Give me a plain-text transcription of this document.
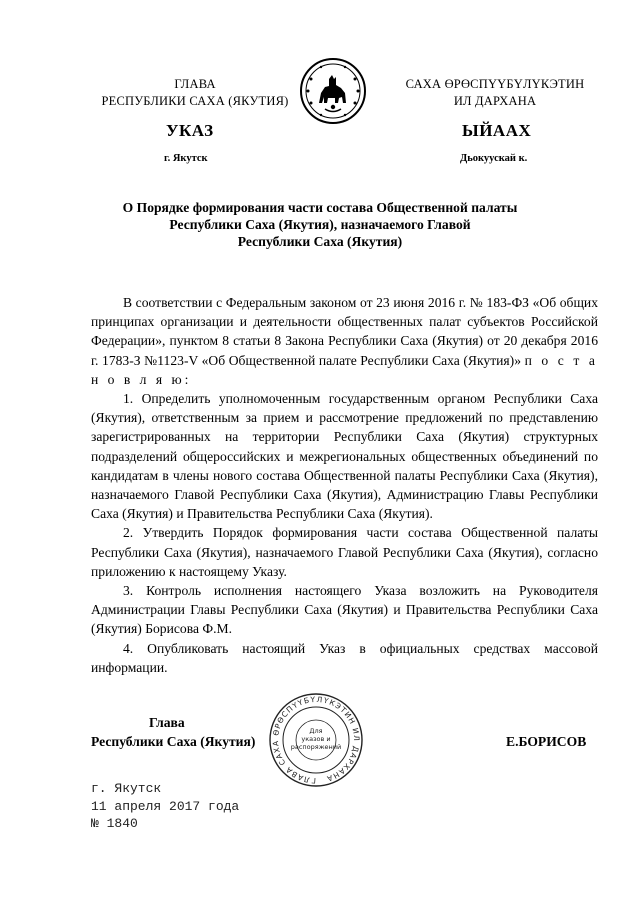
ГЛАВА
РЕСПУБЛИКИ САХА (ЯКУТИЯ)
САХА ӨРӨСПҮҮБҮЛҮКЭТИН
ИЛ ДАРХАНА
УКАЗ	ЫЙААХ
г. Якутск	Дьокуускай к.
О Порядке формирования части состава Общественной палаты
Республики Саха (Якутия), назначаемого Главой
Республики Саха (Якутия)

В соответствии с Федеральным законом от 23 июня 2016 г. № 183-ФЗ «Об общих принципах организации и деятельности общественных палат субъектов Российской Федерации», пунктом 8 статьи 8 Закона Республики Саха (Якутия) от 20 декабря 2016 г. 1783-З №1123-V «Об Общественной палате Республики Саха (Якутия)» п о с т а н о в л я ю:

1. Определить уполномоченным государственным органом Республики Саха (Якутия), ответственным за прием и рассмотрение предложений по представлению зарегистрированных на территории Республики Саха (Якутия) структурных подразделений общероссийских и межрегиональных общественных объединений по кандидатам в члены нового состава Общественной палаты Республики Саха (Якутия), назначаемого Главой Республики Саха (Якутия), Администрацию Главы Республики Саха (Якутия) и Правительства Республики Саха (Якутия).

2. Утвердить Порядок формирования части состава Общественной палаты Республики Саха (Якутия), назначаемого Главой Республики Саха (Якутия), согласно приложению к настоящему Указу.

3. Контроль исполнения настоящего Указа возложить на Руководителя Администрации Главы Республики Саха (Якутия) и Правительства Республики Саха (Якутия) Борисова Ф.М.

4. Опубликовать настоящий Указ в официальных средствах массовой информации.

Глава
Республики Саха (Якутия)
ГЛАВА САХА ӨРӨСПҮҮБҮЛҮКЭТИН ИЛ ДАРХАНА
Для
указов и
распоряжений	Е.БОРИСОВ
г. Якутск
11 апреля 2017 года
№ 1840
